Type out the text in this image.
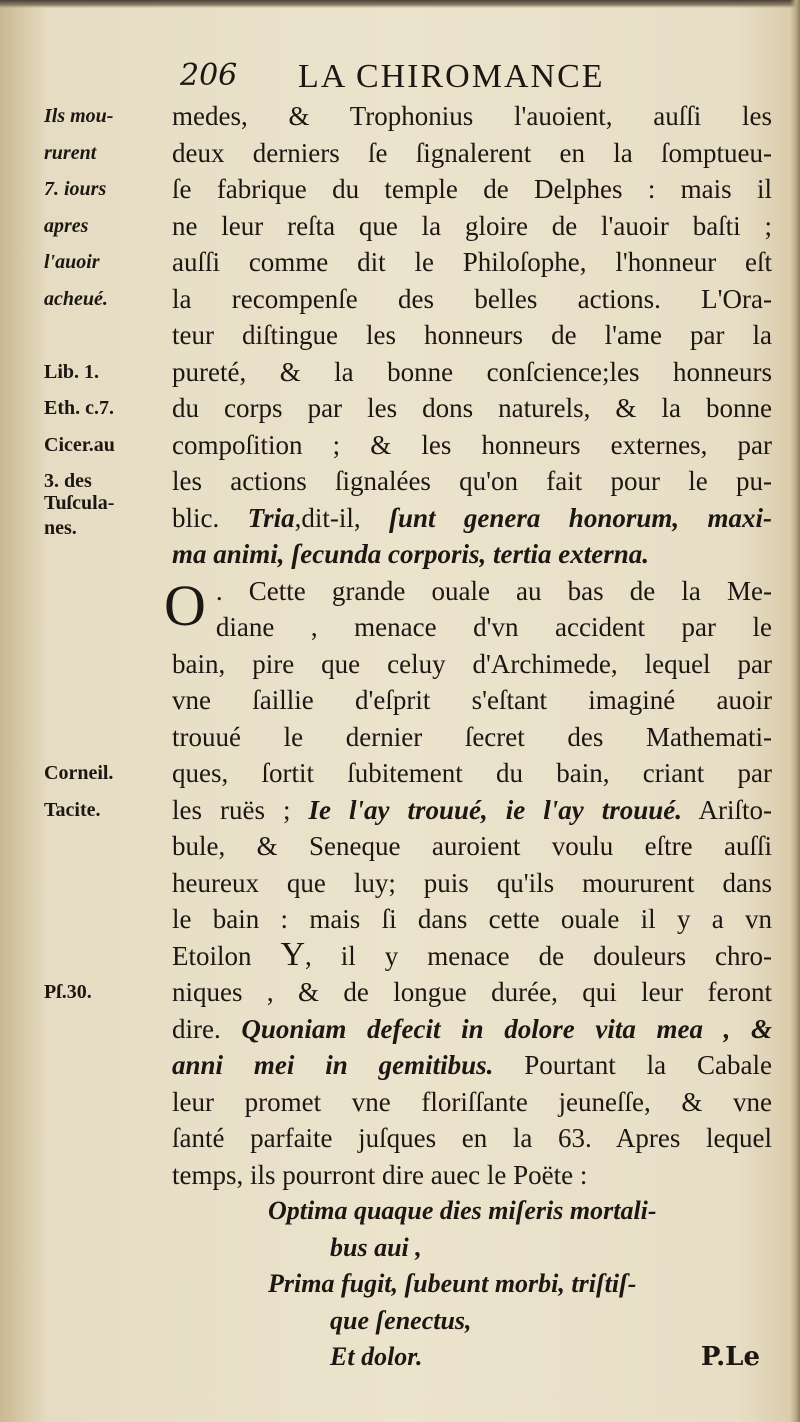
206 LA CHIROMANCE
Ils mou-
rurent
7. iours
apres
l'auoir
acheué.
Lib. 1.
Eth. c.7.
Cicer.au
3. des
Tuſcula-
nes.
Corneil.
Tacite.
Pſ.30.

medes, & Trophonius l'auoient, auſſi les

deux derniers ſe ſignalerent en la ſomptueu-

ſe fabrique du temple de Delphes : mais il

ne leur reſta que la gloire de l'auoir baſti ;

auſſi comme dit le Philoſophe, l'honneur eſt

la recompenſe des belles actions. L'Ora-

teur diſtingue les honneurs de l'ame par la

pureté, & la bonne conſcience;les honneurs

du corps par les dons naturels, & la bonne

compoſition ; & les honneurs externes, par

les actions ſignalées qu'on fait pour le pu-

blic. Tria,dit-il, ſunt genera honorum, maxi-

ma animi, ſecunda corporis, tertia externa.

O . Cette grande ouale au bas de la Me-

diane , menace d'vn accident par le

bain, pire que celuy d'Archimede, lequel par

vne ſaillie d'eſprit s'eſtant imaginé auoir

trouué le dernier ſecret des Mathemati-

ques, ſortit ſubitement du bain, criant par

les ruës ; Ie l'ay trouué, ie l'ay trouué. Ariſto-

bule, & Seneque auroient voulu eſtre auſſi

heureux que luy; puis qu'ils moururent dans

le bain : mais ſi dans cette ouale il y a vn

Etoilon Y, il y menace de douleurs chro-

niques , & de longue durée, qui leur feront

dire. Quoniam defecit in dolore vita mea , &

anni mei in gemitibus. Pourtant la Cabale

leur promet vne floriſſante jeuneſſe, & vne

ſanté parfaite juſques en la 63. Apres lequel

temps, ils pourront dire auec le Poëte :

Optima quaque dies miſeris mortali-
bus aui ,
Prima fugit, ſubeunt morbi, triſtiſ-
que ſenectus,
Et dolor.	P.Le
